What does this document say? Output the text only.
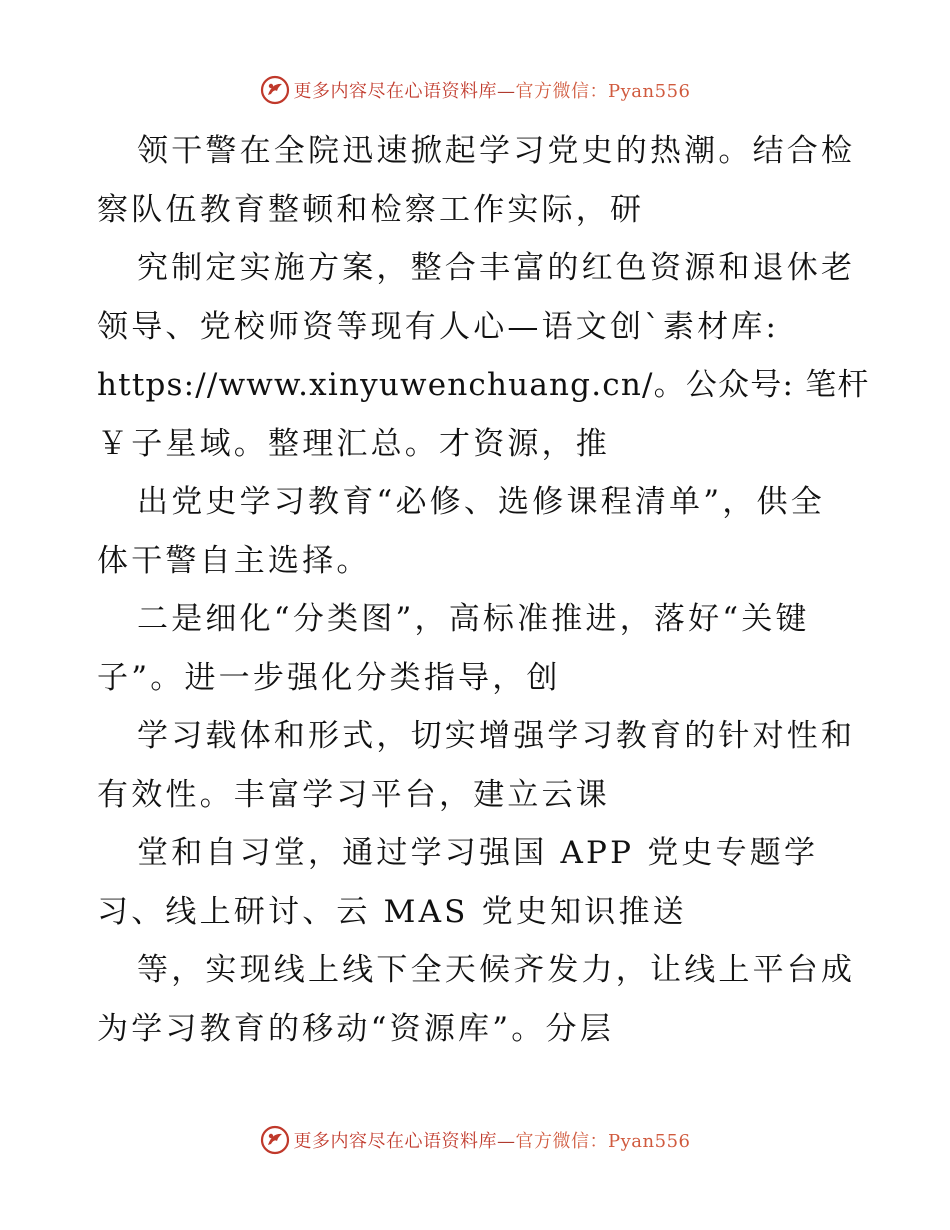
更多内容尽在心语资料库—官方微信：Pyan556
领干警在全院迅速掀起学习党史的热潮。结合检
察队伍教育整顿和检察工作实际，研
究制定实施方案，整合丰富的红色资源和退休老
领导、党校师资等现有人心—语文创`素材库:
https://www.xinyuwenchuang.cn/。公众号: 笔杆
￥子星域。整理汇总。才资源，推
出党史学习教育“必修、选修课程清单”，供全
体干警自主选择。
二是细化“分类图”，高标准推进，落好“关键
子”。进一步强化分类指导，创
学习载体和形式，切实增强学习教育的针对性和
有效性。丰富学习平台，建立云课
堂和自习堂，通过学习强国 APP 党史专题学
习、线上研讨、云 MAS 党史知识推送
等，实现线上线下全天候齐发力，让线上平台成
为学习教育的移动“资源库”。分层
更多内容尽在心语资料库—官方微信：Pyan556
